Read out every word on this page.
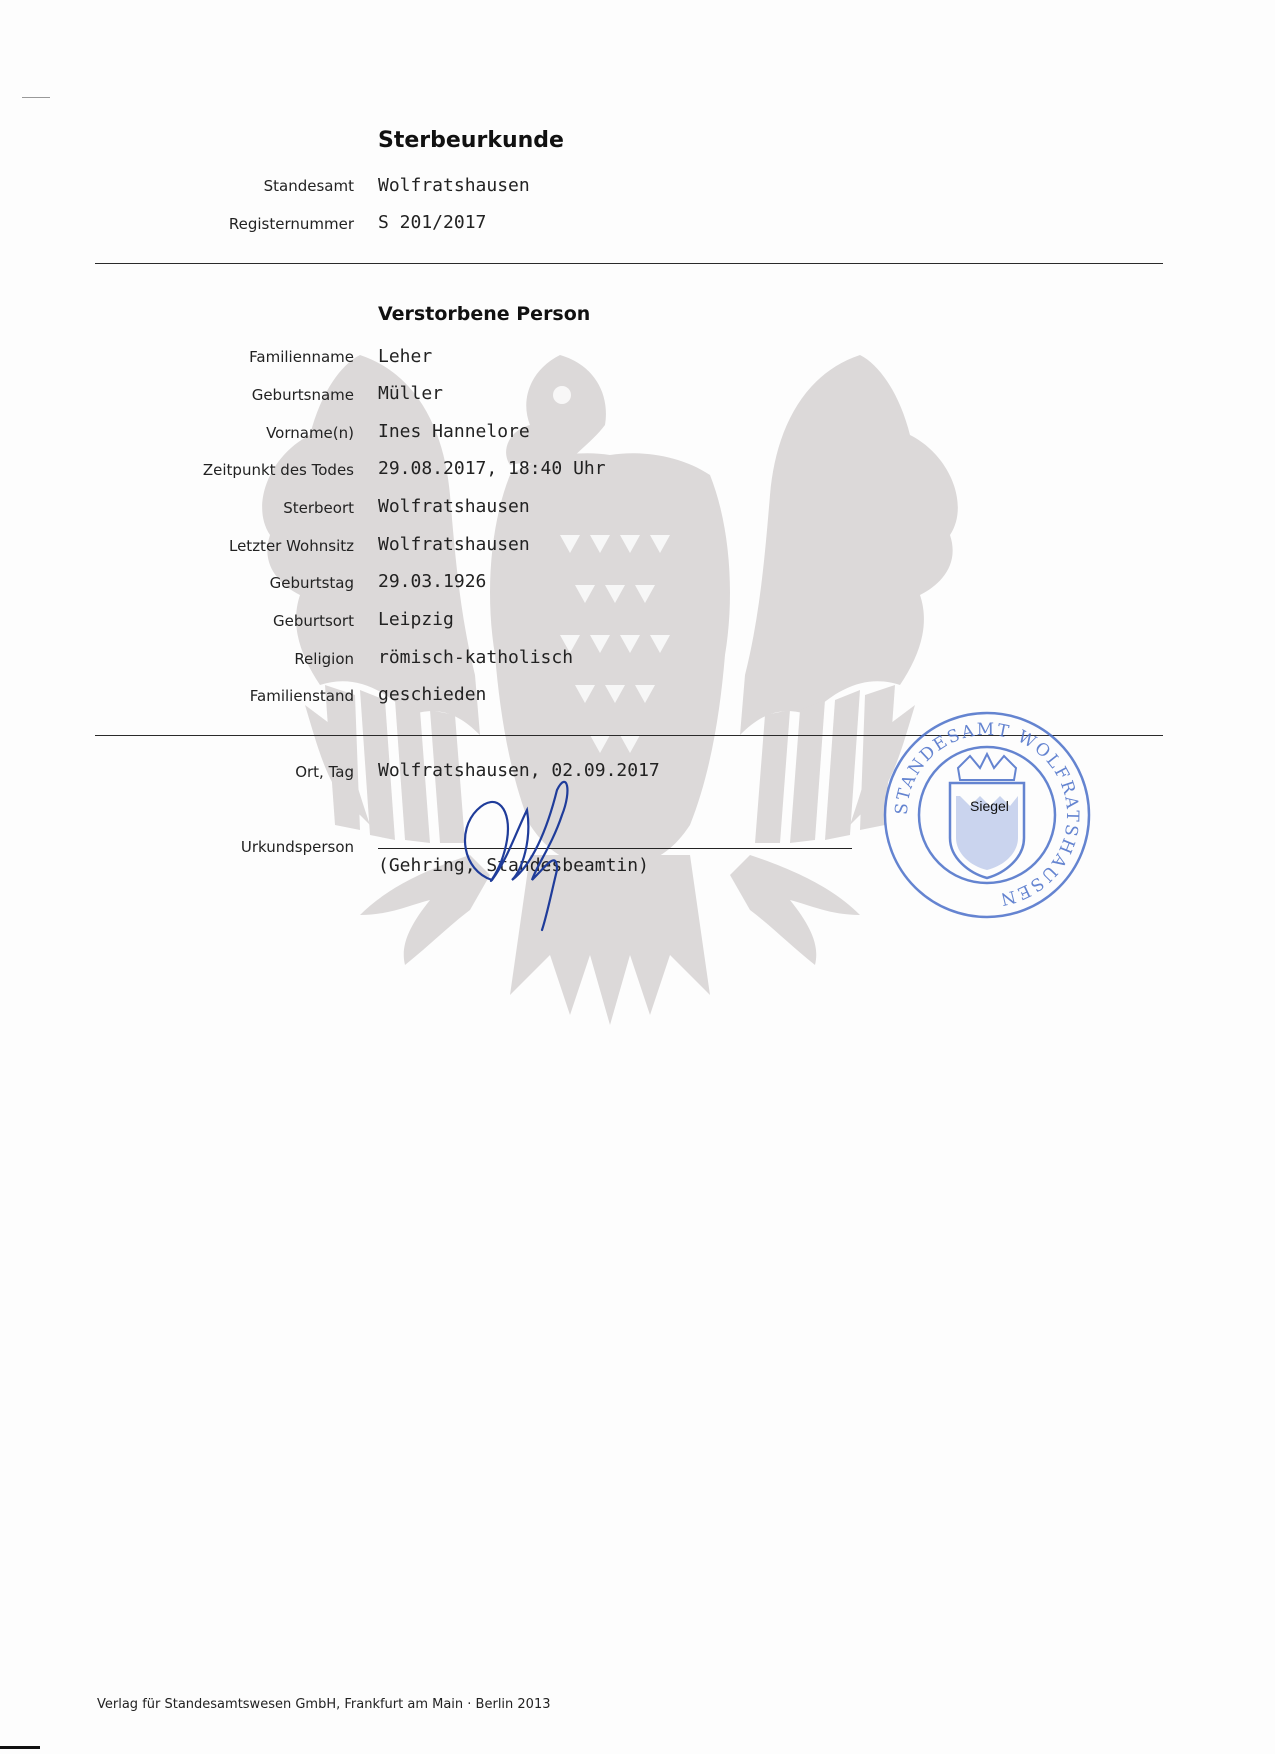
Sterbeurkunde
Standesamt Wolfratshausen
Registernummer S 201/2017
Verstorbene Person
Familienname Leher
Geburtsname Müller
Vorname(n) Ines Hannelore
Zeitpunkt des Todes 29.08.2017, 18:40 Uhr
Sterbeort Wolfratshausen
Letzter Wohnsitz Wolfratshausen
Geburtstag 29.03.1926
Geburtsort Leipzig
Religion römisch-katholisch
Familienstand geschieden
Ort, Tag Wolfratshausen, 02.09.2017
Urkundsperson
(Gehring, Standesbeamtin)
STANDESAMT WOLFRATSHAUSEN
Siegel
Verlag für Standesamtswesen GmbH, Frankfurt am Main · Berlin 2013
